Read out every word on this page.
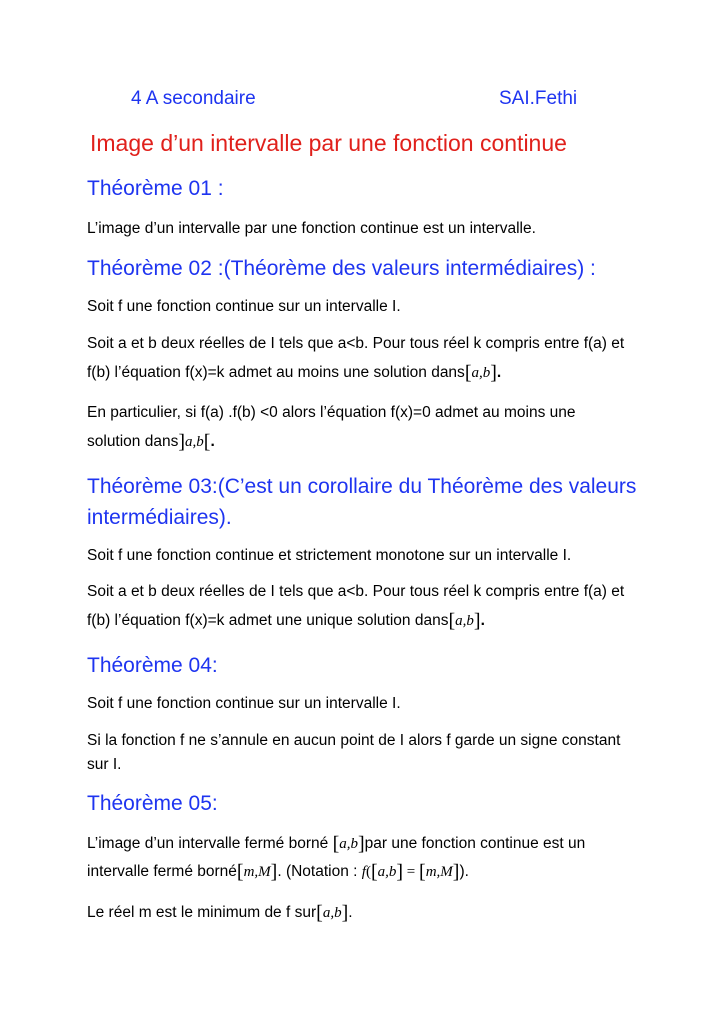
4 A secondaire	SAI.Fethi
Image d’un intervalle par une fonction continue
Théorème 01 :
L’image d’un intervalle par une fonction continue est un intervalle.
Théorème 02 :(Théorème des valeurs intermédiaires) :
Soit f une fonction continue sur un intervalle I.
Soit a et b deux réelles de I tels que a<b. Pour tous réel k compris entre f(a) et
f(b) l’équation f(x)=k admet au moins une solution dans[a,b].
En particulier, si f(a) .f(b) <0 alors l’équation f(x)=0 admet au moins une
solution dans]a,b[.
Théorème 03:(C’est un corollaire du Théorème des valeurs
intermédiaires).
Soit f une fonction continue et strictement monotone sur un intervalle I.
Soit a et b deux réelles de I tels que a<b. Pour tous réel k compris entre f(a) et
f(b) l’équation f(x)=k admet une unique solution dans[a,b].
Théorème 04:
Soit f une fonction continue sur un intervalle I.
Si la fonction f ne s’annule en aucun point de I alors f garde un signe constant
sur I.
Théorème 05:
L’image d’un intervalle fermé borné [a,b]par une fonction continue est un
intervalle fermé borné[m,M]. (Notation : f([a,b] = [m,M]).
Le réel m est le minimum de f sur[a,b].
